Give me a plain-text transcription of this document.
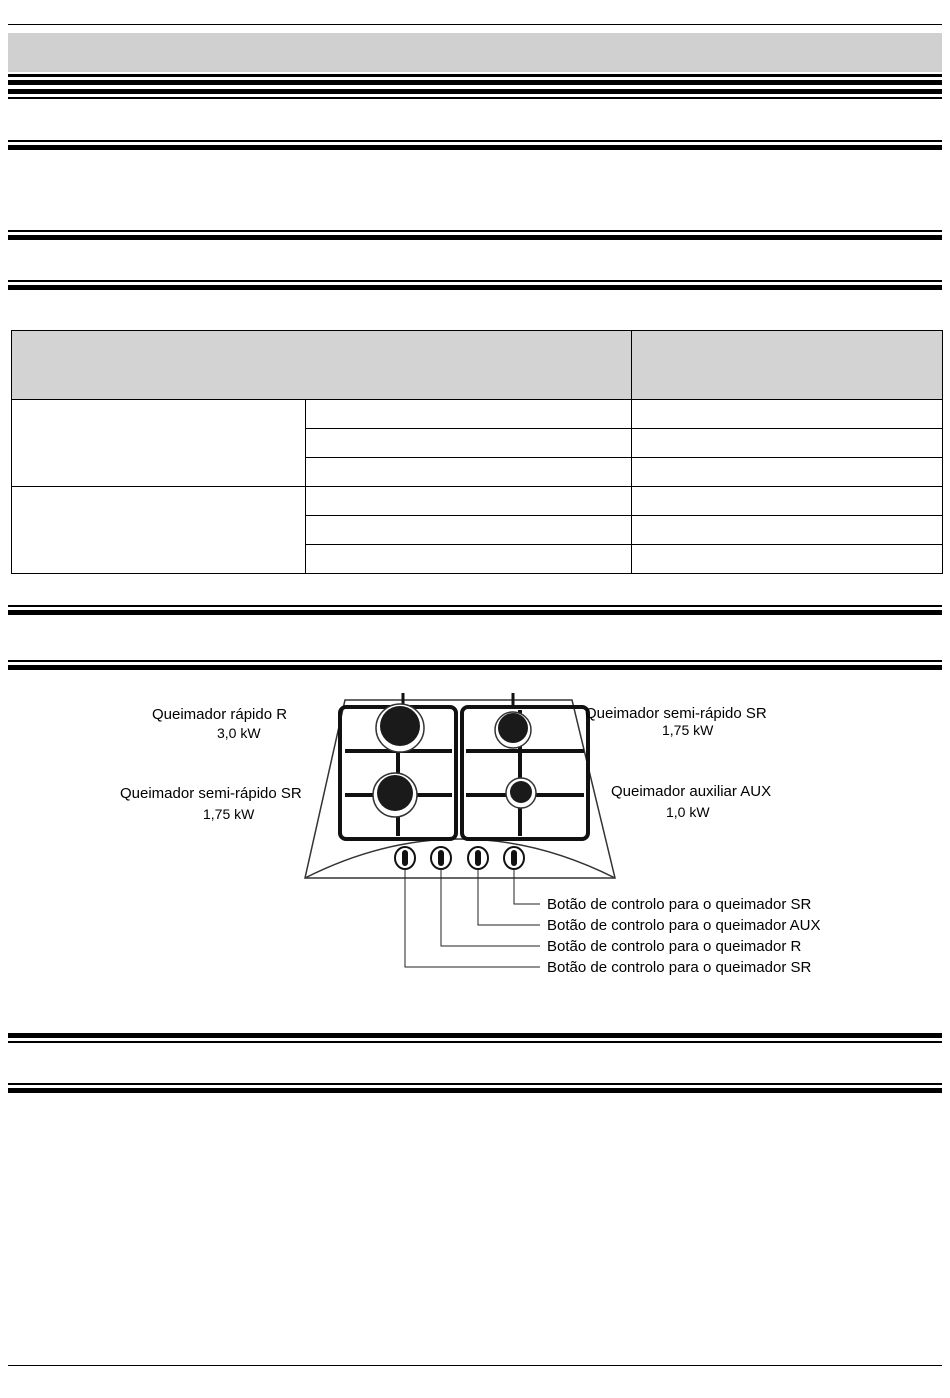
Queimador rápido R
3,0 kW
Queimador semi-rápido SR
1,75 kW
Queimador semi-rápido SR
1,75 kW
Queimador auxiliar AUX
1,0 kW
Botão de controlo para o queimador SR
Botão de controlo para o queimador AUX
Botão de controlo para o queimador R
Botão de controlo para o queimador SR
